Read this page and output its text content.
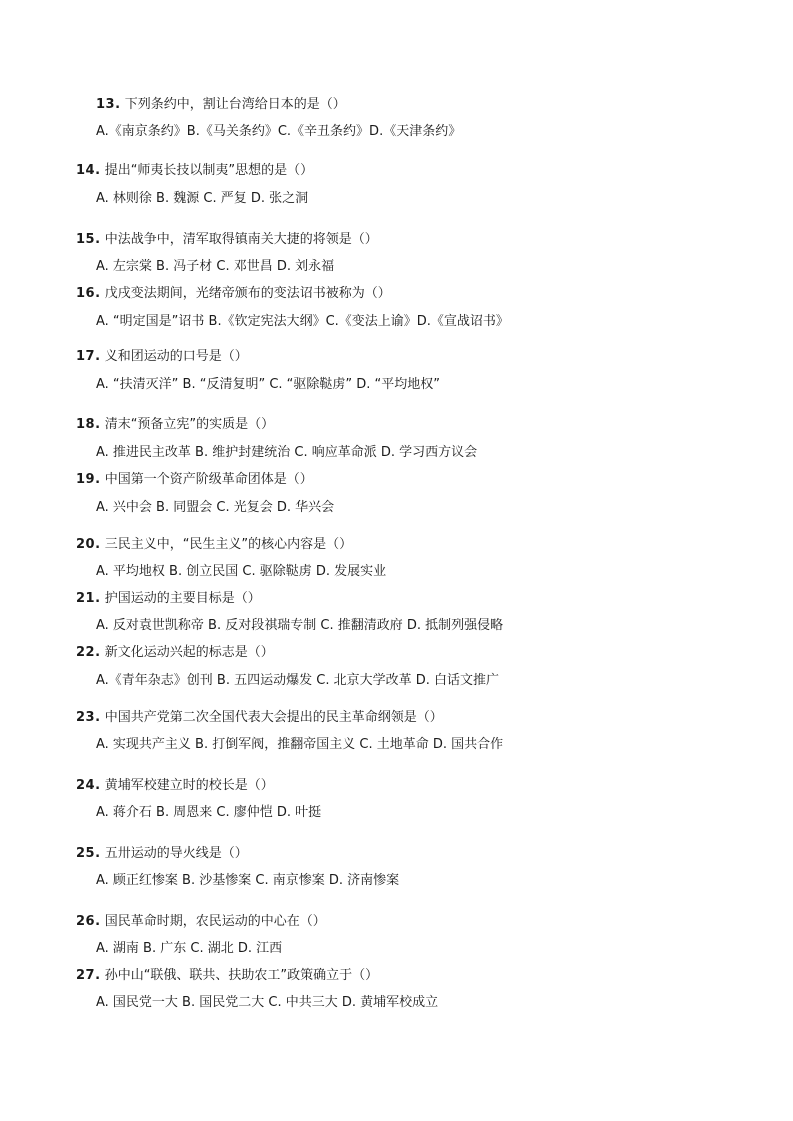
13 . 下列条约中，割让台湾给日本的是（）
A.《南京条约》B.《马关条约》C.《辛丑条约》D.《天津条约》
14 . 提出“师夷长技以制夷”思想的是（）
A. 林则徐 B. 魏源 C. 严复 D. 张之洞
15 . 中法战争中，清军取得镇南关大捷的将领是（）
A. 左宗棠 B. 冯子材 C. 邓世昌 D. 刘永福
16 . 戊戌变法期间，光绪帝颁布的变法诏书被称为（）
A. “明定国是”诏书 B.《钦定宪法大纲》C.《变法上谕》D.《宣战诏书》
17 . 义和团运动的口号是（）
A. “扶清灭洋” B. “反清复明” C. “驱除鞑虏” D. “平均地权”
18 . 清末“预备立宪”的实质是（）
A. 推进民主改革 B. 维护封建统治 C. 响应革命派 D. 学习西方议会
19 . 中国第一个资产阶级革命团体是（）
A. 兴中会 B. 同盟会 C. 光复会 D. 华兴会
20 . 三民主义中，“民生主义”的核心内容是（）
A. 平均地权 B. 创立民国 C. 驱除鞑虏 D. 发展实业
21 . 护国运动的主要目标是（）
A. 反对袁世凯称帝 B. 反对段祺瑞专制 C. 推翻清政府 D. 抵制列强侵略
22 . 新文化运动兴起的标志是（）
A.《青年杂志》创刊 B. 五四运动爆发 C. 北京大学改革 D. 白话文推广
23 . 中国共产党第二次全国代表大会提出的民主革命纲领是（）
A. 实现共产主义 B. 打倒军阀，推翻帝国主义 C. 土地革命 D. 国共合作
24 . 黄埔军校建立时的校长是（）
A. 蒋介石 B. 周恩来 C. 廖仲恺 D. 叶挺
25 . 五卅运动的导火线是（）
A. 顾正红惨案 B. 沙基惨案 C. 南京惨案 D. 济南惨案
26 . 国民革命时期，农民运动的中心在（）
A. 湖南 B. 广东 C. 湖北 D. 江西
27 . 孙中山“联俄、联共、扶助农工”政策确立于（）
A. 国民党一大 B. 国民党二大 C. 中共三大 D. 黄埔军校成立
